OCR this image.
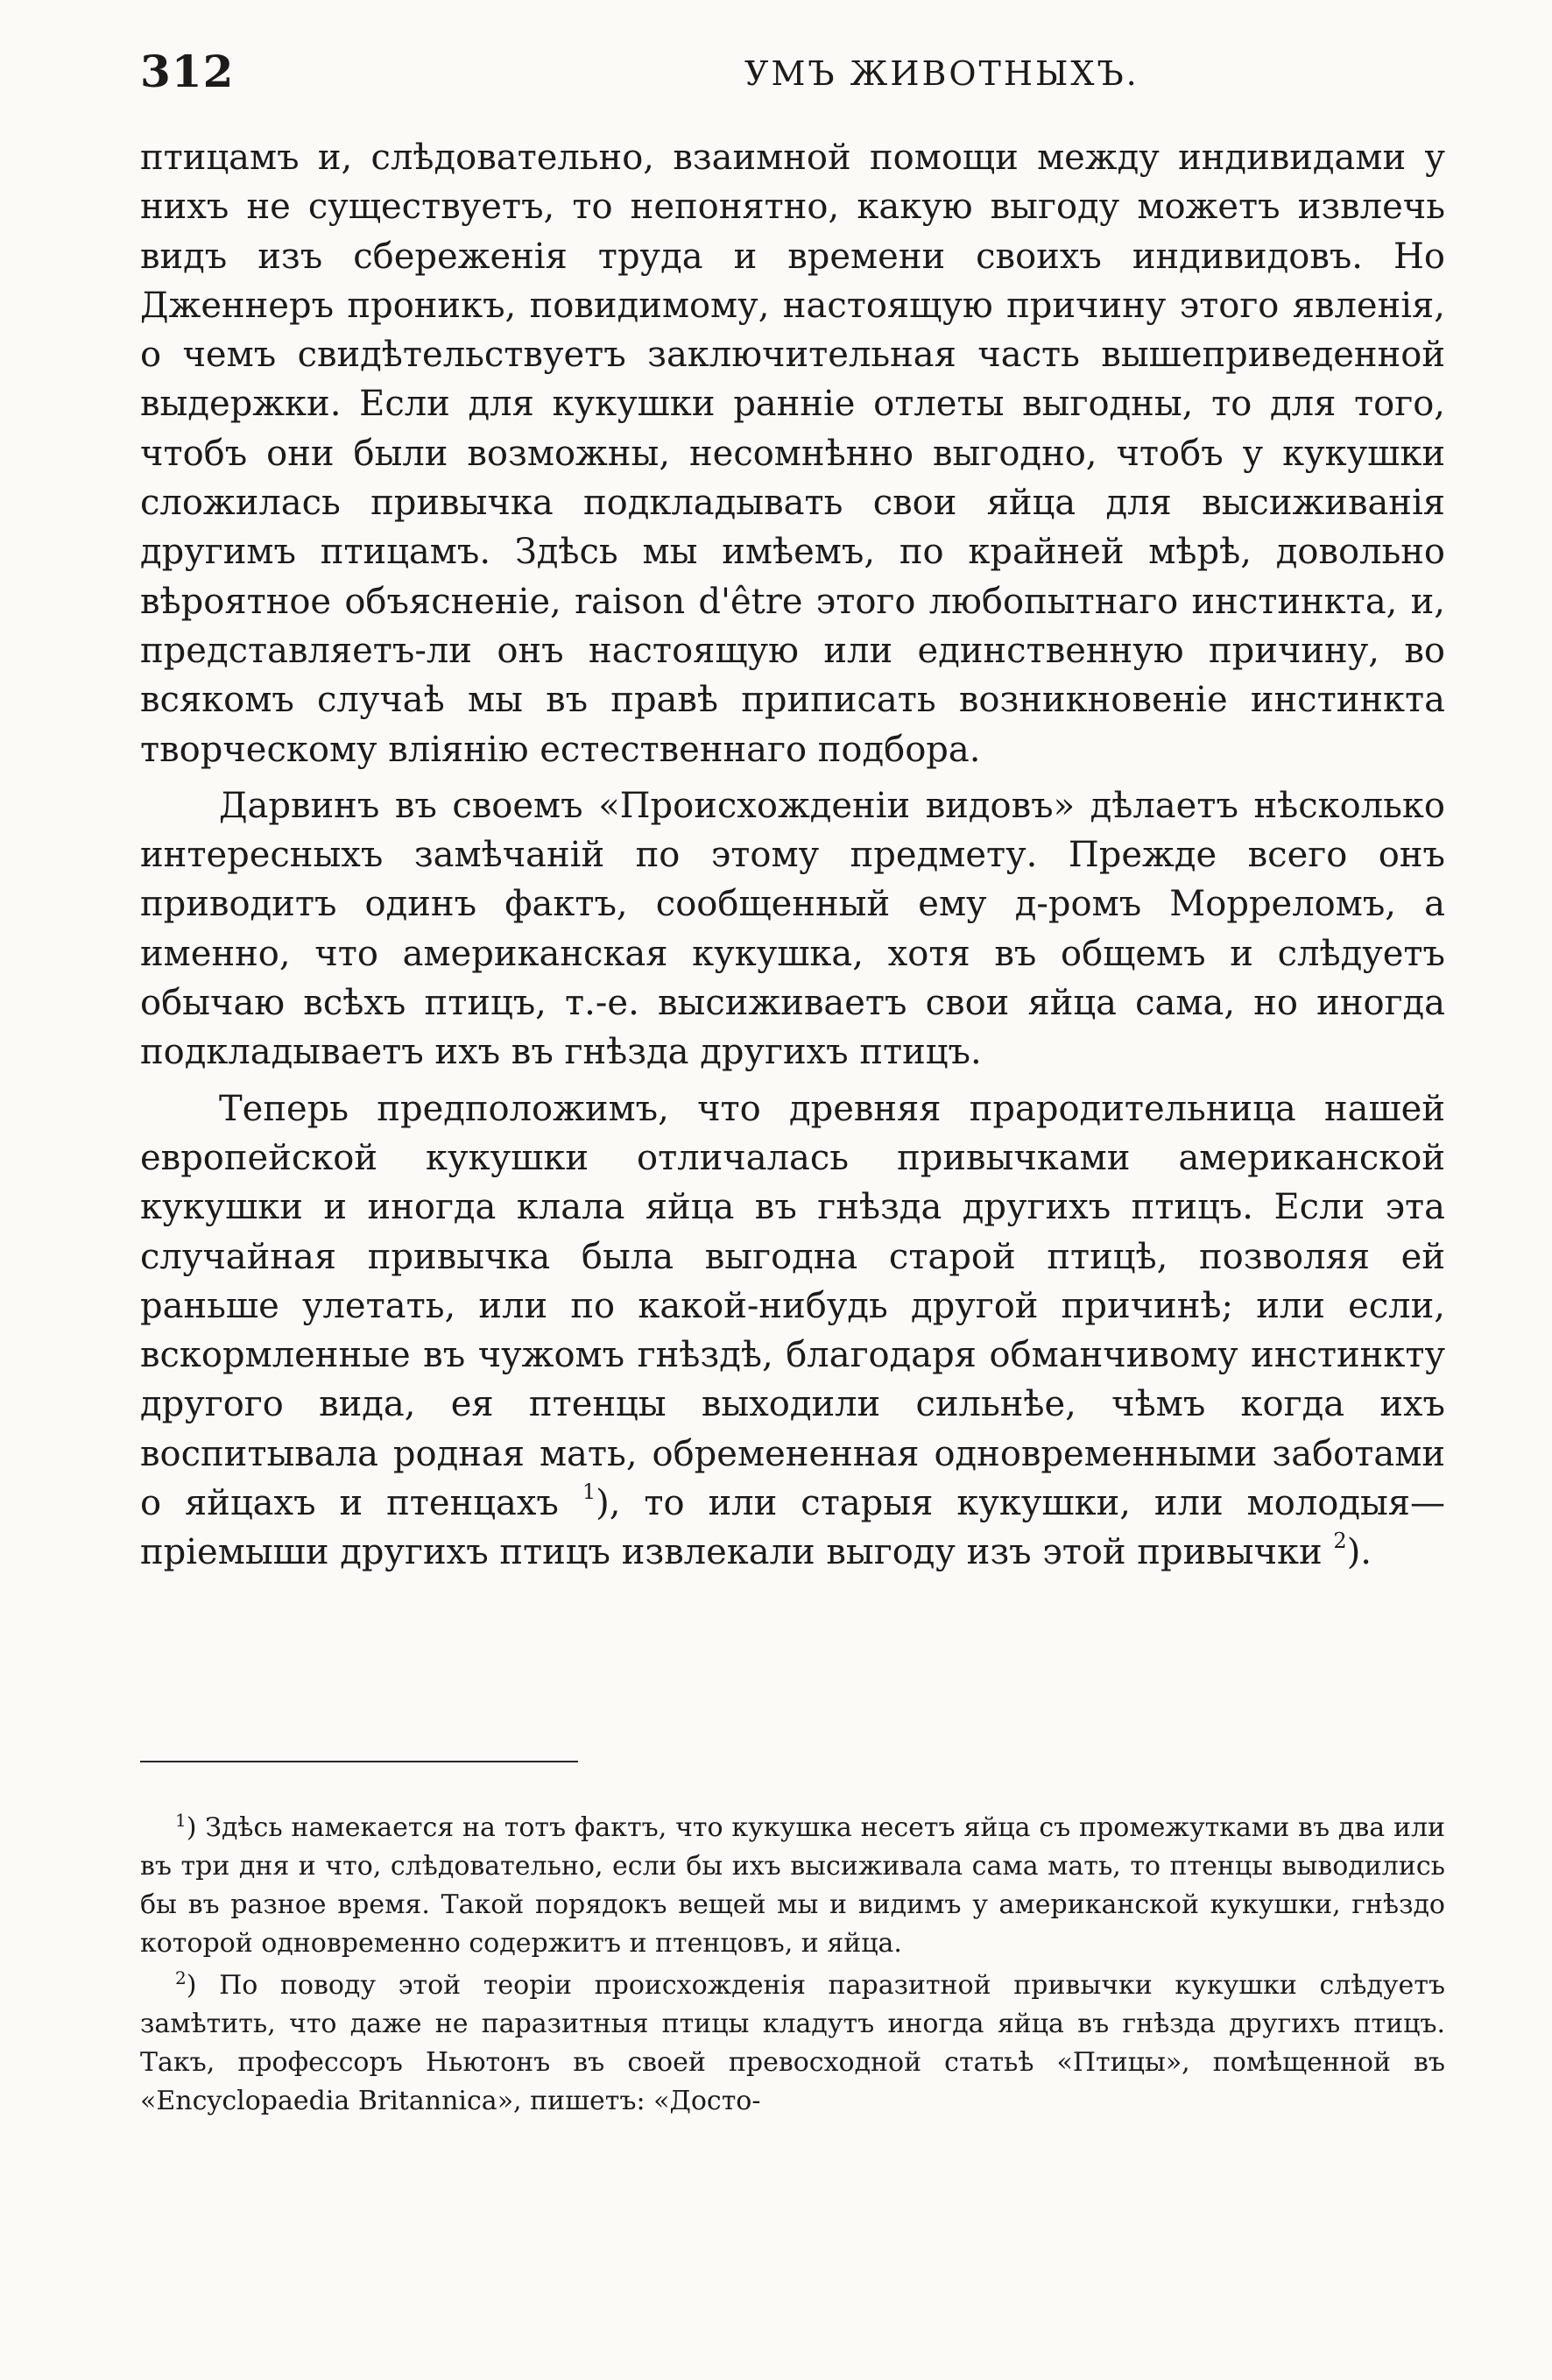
312	УМЪ ЖИВОТНЫХЪ.

птицамъ и, слѣдовательно, взаимной помощи между индивидами у нихъ не существуетъ, то непонятно, какую выгоду можетъ извлечь видъ изъ сбереженія труда и времени своихъ индивидовъ. Но Дженнеръ проникъ, повидимому, настоящую причину этого явленія, о чемъ свидѣтельствуетъ заключительная часть вышеприведенной выдержки. Если для кукушки ранніе отлеты выгодны, то для того, чтобъ они были возможны, несомнѣнно выгодно, чтобъ у кукушки сложилась привычка подкладывать свои яйца для высиживанія другимъ птицамъ. Здѣсь мы имѣемъ, по крайней мѣрѣ, довольно вѣроятное объясненіе, raison d'être этого любопытнаго инстинкта, и, представляетъ-ли онъ настоящую или единственную причину, во всякомъ случаѣ мы въ правѣ приписать возникновеніе инстинкта творческому вліянію естественнаго подбора.

Дарвинъ въ своемъ «Происхожденіи видовъ» дѣлаетъ нѣсколько интересныхъ замѣчаній по этому предмету. Прежде всего онъ приводитъ одинъ фактъ, сообщенный ему д-ромъ Морреломъ, а именно, что американская кукушка, хотя въ общемъ и слѣдуетъ обычаю всѣхъ птицъ, т.-е. высиживаетъ свои яйца сама, но иногда подкладываетъ ихъ въ гнѣзда другихъ птицъ.

Теперь предположимъ, что древняя прародительница нашей европейской кукушки отличалась привычками американской кукушки и иногда клала яйца въ гнѣзда другихъ птицъ. Если эта случайная привычка была выгодна старой птицѣ, позволяя ей раньше улетать, или по какой-нибудь другой причинѣ; или если, вскормленные въ чужомъ гнѣздѣ, благодаря обманчивому инстинкту другого вида, ея птенцы выходили сильнѣе, чѣмъ когда ихъ воспитывала родная мать, обремененная одновременными заботами о яйцахъ и птенцахъ $^1$), то или старыя кукушки, или молодыя—пріемыши другихъ птицъ извлекали выгоду изъ этой привычки $^2$).

$^1$) Здѣсь намекается на тотъ фактъ, что кукушка несетъ яйца съ промежутками въ два или въ три дня и что, слѣдовательно, если бы ихъ высиживала сама мать, то птенцы выводились бы въ разное время. Такой порядокъ вещей мы и видимъ у американской кукушки, гнѣздо которой одновременно содержитъ и птенцовъ, и яйца.

$^2$) По поводу этой теоріи происхожденія паразитной привычки кукушки слѣдуетъ замѣтить, что даже не паразитныя птицы кладутъ иногда яйца въ гнѣзда другихъ птицъ. Такъ, профессоръ Ньютонъ въ своей превосходной статьѣ «Птицы», помѣщенной въ «Encyclopaedia Britannica», пишетъ: «Досто-
